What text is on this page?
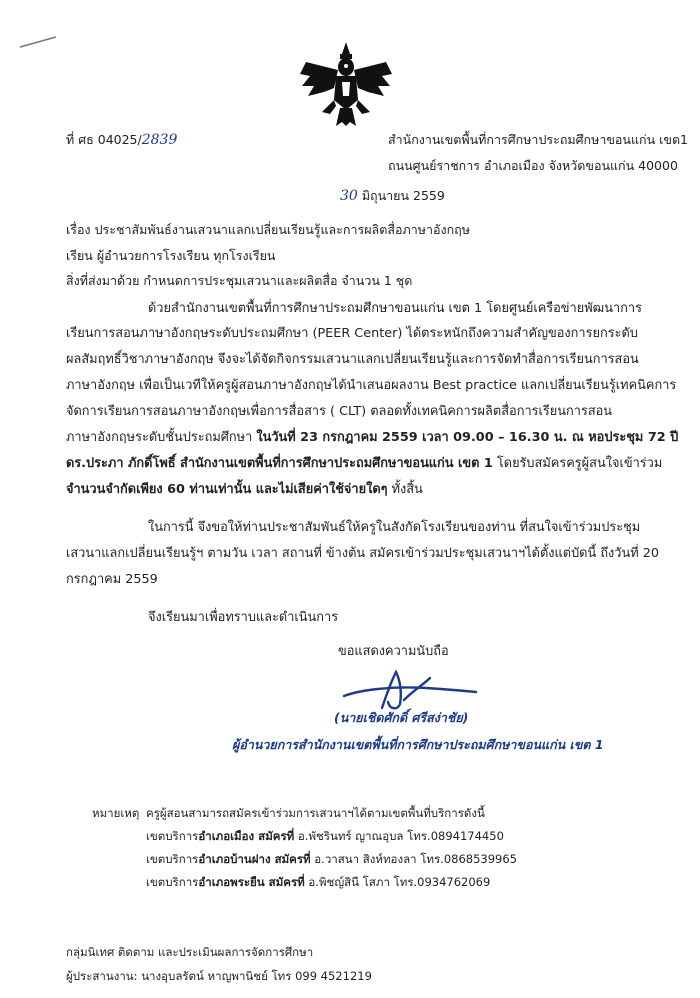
ที่ ศธ 04025/2839	สำนักงานเขตพื้นที่การศึกษาประถมศึกษาขอนแก่น เขต1
ถนนศูนย์ราชการ อำเภอเมือง จังหวัดขอนแก่น 40000
30 มิถุนายน 2559
เรื่อง ประชาสัมพันธ์งานเสวนาแลกเปลี่ยนเรียนรู้และการผลิตสื่อภาษาอังกฤษ
เรียน ผู้อำนวยการโรงเรียน ทุกโรงเรียน
สิ่งที่ส่งมาด้วย กำหนดการประชุมเสวนาและผลิตสื่อ จำนวน 1 ชุด
ด้วยสำนักงานเขตพื้นที่การศึกษาประถมศึกษาขอนแก่น เขต 1 โดยศูนย์เครือข่ายพัฒนาการ
เรียนการสอนภาษาอังกฤษระดับประถมศึกษา (PEER Center) ได้ตระหนักถึงความสำคัญของการยกระดับ
ผลสัมฤทธิ์วิชาภาษาอังกฤษ จึงจะได้จัดกิจกรรมเสวนาแลกเปลี่ยนเรียนรู้และการจัดทำสื่อการเรียนการสอน
ภาษาอังกฤษ เพื่อเป็นเวทีให้ครูผู้สอนภาษาอังกฤษได้นำเสนอผลงาน Best practice แลกเปลี่ยนเรียนรู้เทคนิคการ
จัดการเรียนการสอนภาษาอังกฤษเพื่อการสื่อสาร ( CLT) ตลอดทั้งเทคนิคการผลิตสื่อการเรียนการสอน
ภาษาอังกฤษระดับชั้นประถมศึกษา ในวันที่ 23 กรกฎาคม 2559 เวลา 09.00 – 16.30 น. ณ หอประชุม 72 ปี
ดร.ประภา ภักดิ์โพธิ์ สำนักงานเขตพื้นที่การศึกษาประถมศึกษาขอนแก่น เขต 1 โดยรับสมัครครูผู้สนใจเข้าร่วม
จำนวนจำกัดเพียง 60 ท่านเท่านั้น และไม่เสียค่าใช้จ่ายใดๆ ทั้งสิ้น
ในการนี้ จึงขอให้ท่านประชาสัมพันธ์ให้ครูในสังกัดโรงเรียนของท่าน ที่สนใจเข้าร่วมประชุม
เสวนาแลกเปลี่ยนเรียนรู้ฯ ตามวัน เวลา สถานที่ ข้างต้น สมัครเข้าร่วมประชุมเสวนาฯได้ตั้งแต่บัดนี้ ถึงวันที่ 20
กรกฎาคม 2559
จึงเรียนมาเพื่อทราบและดำเนินการ
ขอแสดงความนับถือ
(นายเชิดศักดิ์ ศรีสง่าชัย)
ผู้อำนวยการสำนักงานเขตพื้นที่การศึกษาประถมศึกษาขอนแก่น เขต 1
หมายเหตุ ครูผู้สอนสามารถสมัครเข้าร่วมการเสวนาฯได้ตามเขตพื้นที่บริการดังนี้
เขตบริการอำเภอเมือง สมัครที่ อ.พัชรินทร์ ญาณอุบล โทร.0894174450
เขตบริการอำเภอบ้านฝาง สมัครที่ อ.วาสนา สิงห์ทองลา โทร.0868539965
เขตบริการอำเภอพระยืน สมัครที่ อ.พิชญ์สินี โสภา โทร.0934762069
กลุ่มนิเทศ ติดตาม และประเมินผลการจัดการศึกษา
ผู้ประสานงาน: นางอุบลรัตน์ หาญพานิชย์ โทร 099 4521219
